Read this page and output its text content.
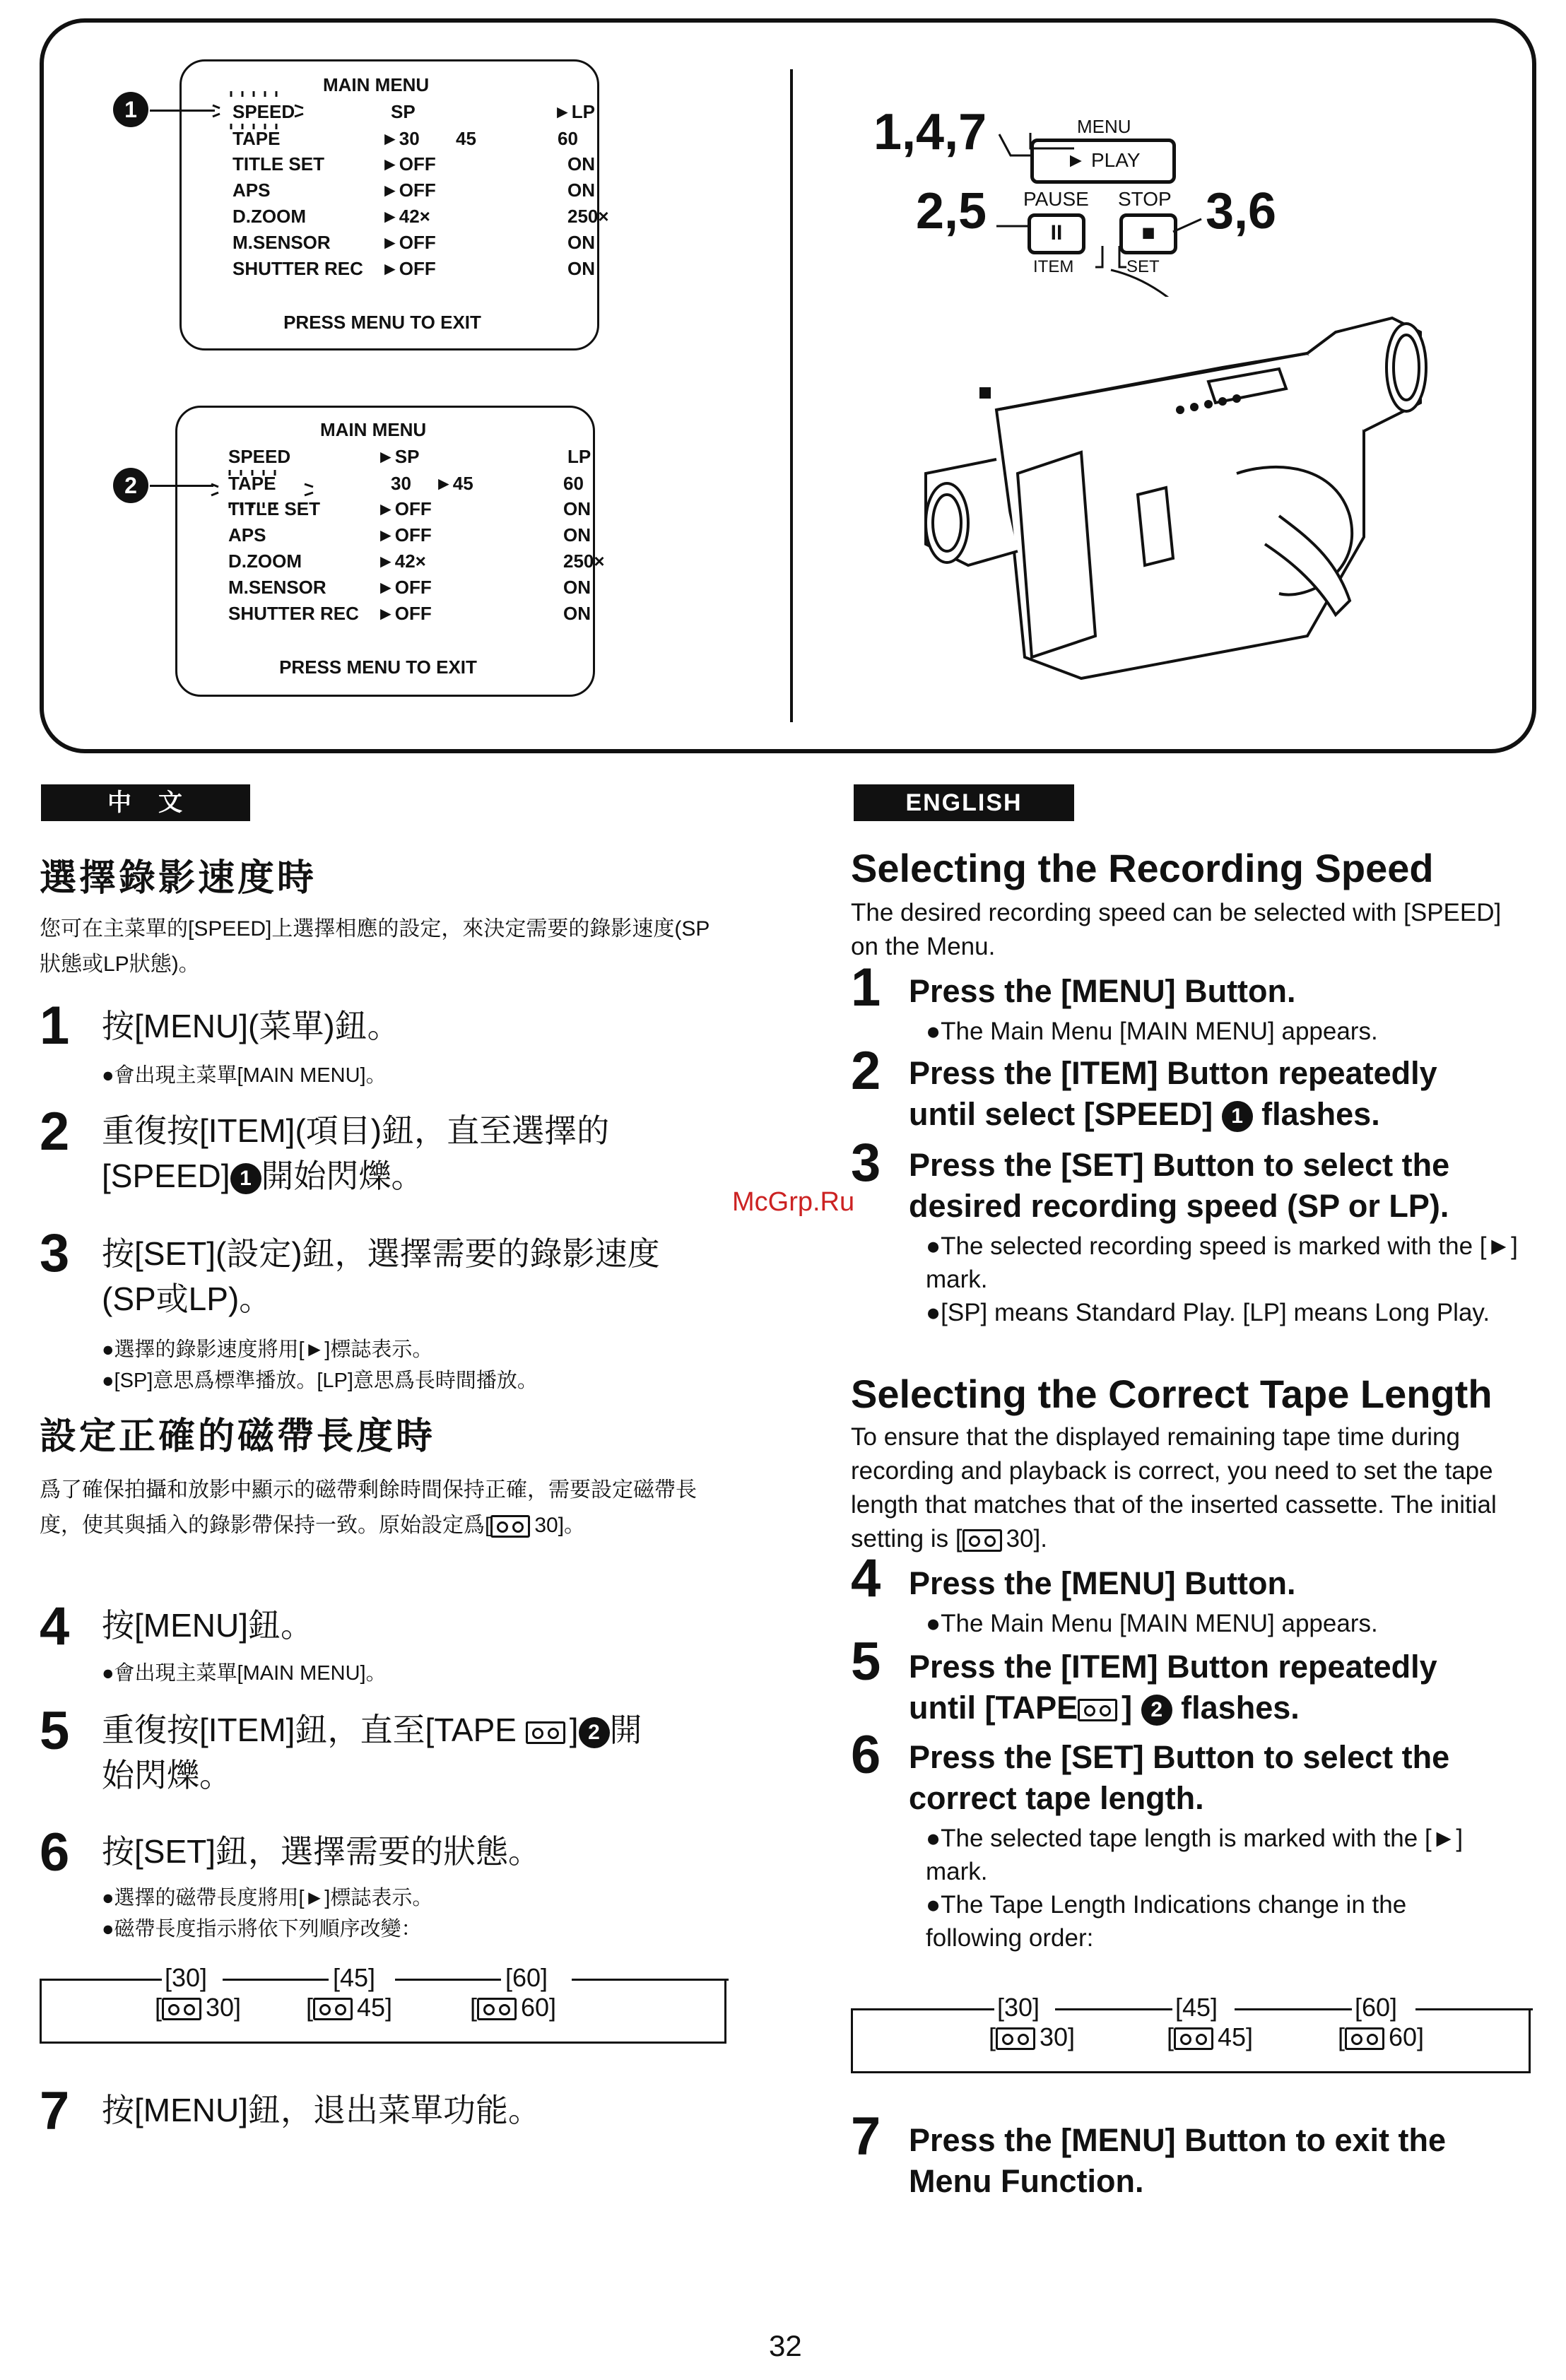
MAIN MENU
SPEED	SP	►LP
TAPE	►30 45	60
TITLE SET	►OFF	ON
APS	►OFF	ON
D.ZOOM	►42×	250×
M.SENSOR	►OFF	ON
SHUTTER REC ►OFF	ON
PRESS MENU TO EXIT
1
MAIN MENU
SPEED	►SP	LP
TAPE	30 ►45	60
TITLE SET	►OFF	ON
APS	►OFF	ON
D.ZOOM	►42×	250×
M.SENSOR	►OFF	ON
SHUTTER REC ►OFF	ON
PRESS MENU TO EXIT
2
1,4,7
2,5	3,6
MENU
► PLAY
PAUSE STOP
II	■
ITEM	SET
中　文
選擇錄影速度時
您可在主菜單的[SPEED]上選擇相應的設定，來決定需要的錄影速度(SP狀態或LP狀態)。
1 按[MENU](菜單)鈕。
●會出現主菜單[MAIN MENU]。
2 重復按[ITEM](項目)鈕，直至選擇的
[SPEED] 1 開始閃爍。
3 按[SET](設定)鈕，選擇需要的錄影速度
(SP或LP)。
●選擇的錄影速度將用[►]標誌表示。
●[SP]意思爲標準播放。[LP]意思爲長時間播放。
設定正確的磁帶長度時
爲了確保拍攝和放影中顯示的磁帶剩餘時間保持正確，需要設定磁帶長度，使其與插入的錄影帶保持一致。原始設定爲[ 30]。
4 按[MENU]鈕。
●會出現主菜單[MAIN MENU]。
5 重復按[ITEM]鈕，直至[TAPE ] 2 開
始閃爍。
6 按[SET]鈕，選擇需要的狀態。
●選擇的磁帶長度將用[►]標誌表示。
●磁帶長度指示將依下列順序改變：
[30]	[45]	[60]
[ 30]	[ 45]	[ 60]
7 按[MENU]鈕，退出菜單功能。
McGrp.Ru
ENGLISH
Selecting the Recording Speed
The desired recording speed can be selected with [SPEED] on the Menu.
1 Press the [MENU] Button.
●The Main Menu [MAIN MENU] appears.
2 Press the [ITEM] Button repeatedly
until select [SPEED] 1 flashes.
3 Press the [SET] Button to select the
desired recording speed (SP or LP).
●The selected recording speed is marked with the [►] mark.
●[SP] means Standard Play. [LP] means Long Play.
Selecting the Correct Tape Length
To ensure that the displayed remaining tape time during recording and playback is correct, you need to set the tape length that matches that of the inserted cassette. The initial setting is [ 30].
4 Press the [MENU] Button.
●The Main Menu [MAIN MENU] appears.
5 Press the [ITEM] Button repeatedly
until [TAPE ] 2 flashes.
6 Press the [SET] Button to select the
correct tape length.
●The selected tape length is marked with the [►] mark.
●The Tape Length Indications change in the following order:
[30]	[45]	[60]
[ 30]	[ 45]	[ 60]
7 Press the [MENU] Button to exit the
Menu Function.
32
